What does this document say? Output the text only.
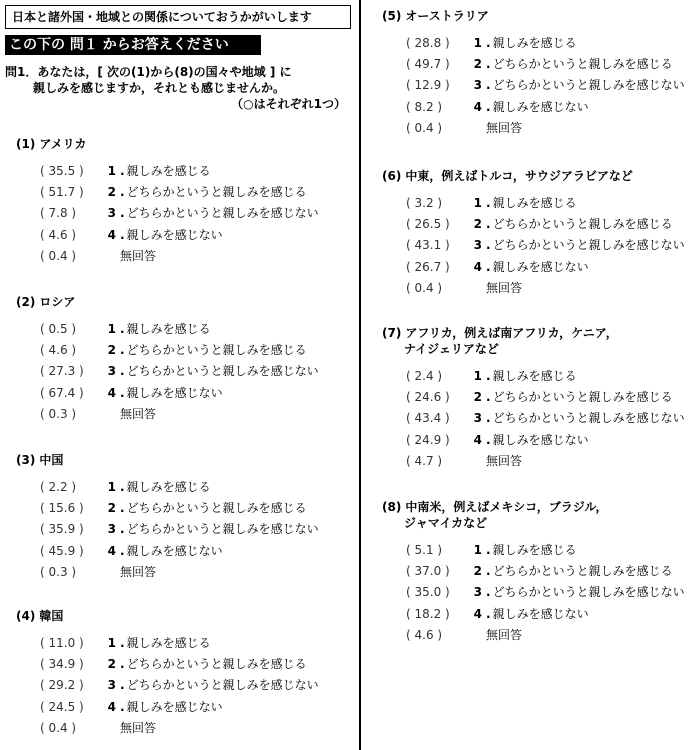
日本と諸外国・地域との関係についておうかがいします
この下の 問１ からお答えください
問1．あなたは，[ 次の(1)から(8)の国々や地域 ] に
親しみを感じますか，それとも感じませんか。
（○はそれぞれ1つ）
(1) アメリカ
( 35.5 ) 1 . 親しみを感じる
( 51.7 ) 2 . どちらかというと親しみを感じる
( 7.8 )	3 . どちらかというと親しみを感じない
( 4.6 )	4 . 親しみを感じない
( 0.4 )	無回答
(2) ロシア
( 0.5 )	1 . 親しみを感じる
( 4.6 )	2 . どちらかというと親しみを感じる
( 27.3 ) 3 . どちらかというと親しみを感じない
( 67.4 ) 4 . 親しみを感じない
( 0.3 )	無回答
(3) 中国
( 2.2 )	1 . 親しみを感じる
( 15.6 ) 2 . どちらかというと親しみを感じる
( 35.9 ) 3 . どちらかというと親しみを感じない
( 45.9 ) 4 . 親しみを感じない
( 0.3 )	無回答
(4) 韓国
( 11.0 ) 1 . 親しみを感じる
( 34.9 ) 2 . どちらかというと親しみを感じる
( 29.2 ) 3 . どちらかというと親しみを感じない
( 24.5 ) 4 . 親しみを感じない
( 0.4 )	無回答
(5) オーストラリア
( 28.8 ) 1 . 親しみを感じる
( 49.7 ) 2 . どちらかというと親しみを感じる
( 12.9 ) 3 . どちらかというと親しみを感じない
( 8.2 )	4 . 親しみを感じない
( 0.4 )	無回答
(6) 中東，例えばトルコ，サウジアラビアなど
( 3.2 )	1 . 親しみを感じる
( 26.5 ) 2 . どちらかというと親しみを感じる
( 43.1 ) 3 . どちらかというと親しみを感じない
( 26.7 ) 4 . 親しみを感じない
( 0.4 )	無回答
(7) アフリカ，例えば南アフリカ，ケニア，
ナイジェリアなど
( 2.4 )	1 . 親しみを感じる
( 24.6 ) 2 . どちらかというと親しみを感じる
( 43.4 ) 3 . どちらかというと親しみを感じない
( 24.9 ) 4 . 親しみを感じない
( 4.7 )	無回答
(8) 中南米，例えばメキシコ，ブラジル，
ジャマイカなど
( 5.1 )	1 . 親しみを感じる
( 37.0 ) 2 . どちらかというと親しみを感じる
( 35.0 ) 3 . どちらかというと親しみを感じない
( 18.2 ) 4 . 親しみを感じない
( 4.6 )	無回答
